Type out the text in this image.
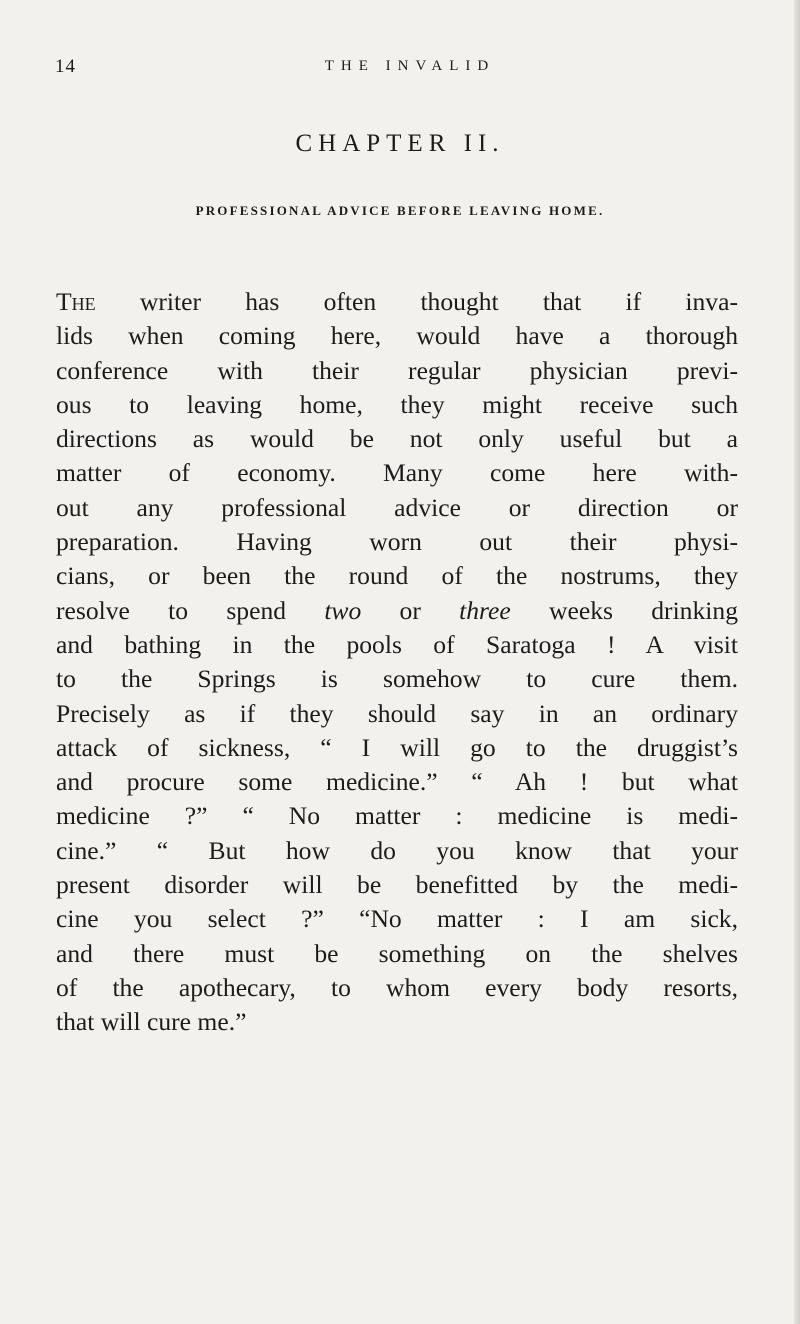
14	THE INVALID
CHAPTER II.
PROFESSIONAL ADVICE BEFORE LEAVING HOME.
The writer has often thought that if inva-
lids when coming here, would have a thorough
conference with their regular physician previ-
ous to leaving home, they might receive such
directions as would be not only useful but a
matter of economy. Many come here with-
out any professional advice or direction or
preparation. Having worn out their physi-
cians, or been the round of the nostrums, they
resolve to spend two or three weeks drinking
and bathing in the pools of Saratoga ! A visit
to the Springs is somehow to cure them.
Precisely as if they should say in an ordinary
attack of sickness, “ I will go to the druggist’s
and procure some medicine.” “ Ah ! but what
medicine ?” “ No matter : medicine is medi-
cine.” “ But how do you know that your
present disorder will be benefitted by the medi-
cine you select ?” “No matter : I am sick,
and there must be something on the shelves
of the apothecary, to whom every body resorts,
that will cure me.”
